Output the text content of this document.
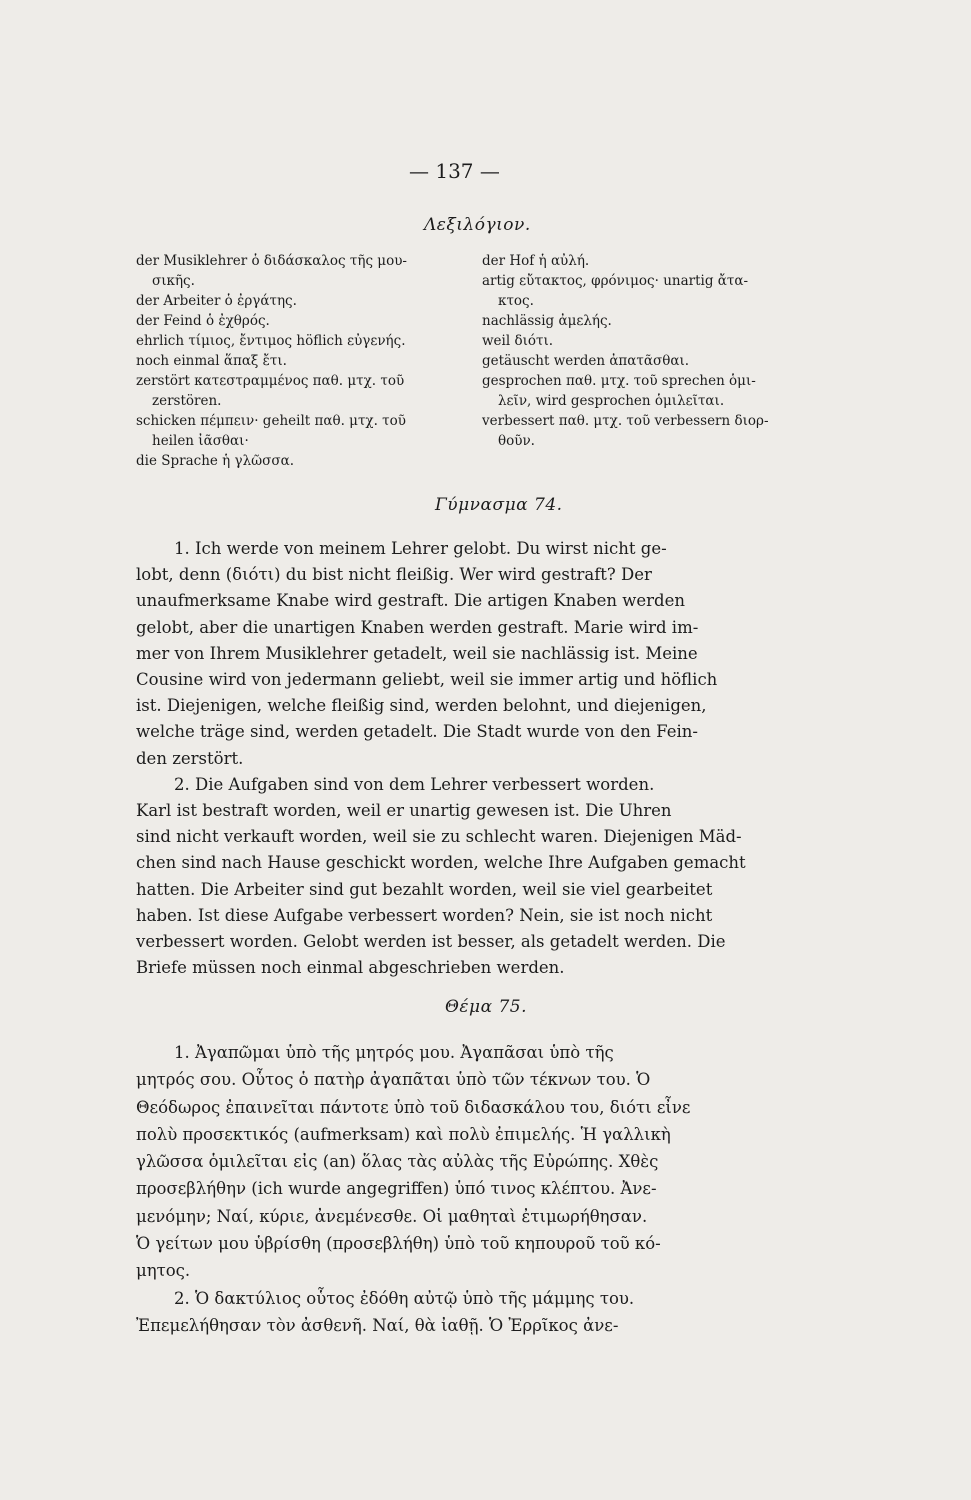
— 137 —
Λεξιλόγιον.
der Musiklehrer ὁ διδάσκαλος τῆς μου-
σικῆς.
der Arbeiter ὁ ἐργάτης.
der Feind ὁ ἐχθρός.
ehrlich τίμιος, ἔντιμος höflich εὐγενής.
noch einmal ἅπαξ ἔτι.
zerstört κατεστραμμένος παθ. μτχ. τοῦ
zerstören.
schicken πέμπειν· geheilt παθ. μτχ. τοῦ
heilen ἰᾶσθαι·
die Sprache ἡ γλῶσσα.
der Hof ἡ αὐλή.
artig εὔτακτος, φρόνιμος· unartig ἄτα-
κτος.
nachlässig ἀμελής.
weil διότι.
getäuscht werden ἀπατᾶσθαι.
gesprochen παθ. μτχ. τοῦ sprechen ὁμι-
λεῖν, wird gesprochen ὁμιλεῖται.
verbessert παθ. μτχ. τοῦ verbessern διορ-
θοῦν.
Γύμνασμα 74.
1. Ich werde von meinem Lehrer gelobt. Du wirst nicht ge-
lobt, denn (διότι) du bist nicht fleißig. Wer wird gestraft? Der
unaufmerksame Knabe wird gestraft. Die artigen Knaben werden
gelobt, aber die unartigen Knaben werden gestraft. Marie wird im-
mer von Ihrem Musiklehrer getadelt, weil sie nachlässig ist. Meine
Cousine wird von jedermann geliebt, weil sie immer artig und höflich
ist. Diejenigen, welche fleißig sind, werden belohnt, und diejenigen,
welche träge sind, werden getadelt. Die Stadt wurde von den Fein-
den zerstört.
2. Die Aufgaben sind von dem Lehrer verbessert worden.
Karl ist bestraft worden, weil er unartig gewesen ist. Die Uhren
sind nicht verkauft worden, weil sie zu schlecht waren. Diejenigen Mäd-
chen sind nach Hause geschickt worden, welche Ihre Aufgaben gemacht
hatten. Die Arbeiter sind gut bezahlt worden, weil sie viel gearbeitet
haben. Ist diese Aufgabe verbessert worden? Nein, sie ist noch nicht
verbessert worden. Gelobt werden ist besser, als getadelt werden. Die
Briefe müssen noch einmal abgeschrieben werden.
Θέμα 75.
1. Ἀγαπῶμαι ὑπὸ τῆς μητρός μου. Ἀγαπᾶσαι ὑπὸ τῆς
μητρός σου. Οὗτος ὁ πατὴρ ἀγαπᾶται ὑπὸ τῶν τέκνων του. Ὁ
Θεόδωρος ἐπαινεῖται πάντοτε ὑπὸ τοῦ διδασκάλου του, διότι εἶνε
πολὺ προσεκτικός (aufmerksam) καὶ πολὺ ἐπιμελής. Ἡ γαλλικὴ
γλῶσσα ὁμιλεῖται εἰς (an) ὅλας τὰς αὐλὰς τῆς Εὐρώπης. Χθὲς
προσεβλήθην (ich wurde angegriffen) ὑπό τινος κλέπτου. Ἀνε-
μενόμην; Ναί, κύριε, ἀνεμένεσθε. Οἱ μαθηταὶ ἐτιμωρήθησαν.
Ὁ γείτων μου ὑβρίσθη (προσεβλήθη) ὑπὸ τοῦ κηπουροῦ τοῦ κό-
μητος.
2. Ὁ δακτύλιος οὗτος ἐδόθη αὐτῷ ὑπὸ τῆς μάμμης του.
Ἐπεμελήθησαν τὸν ἀσθενῆ. Ναί, θὰ ἰαθῇ. Ὁ Ἐρρῖκος ἀνε-
